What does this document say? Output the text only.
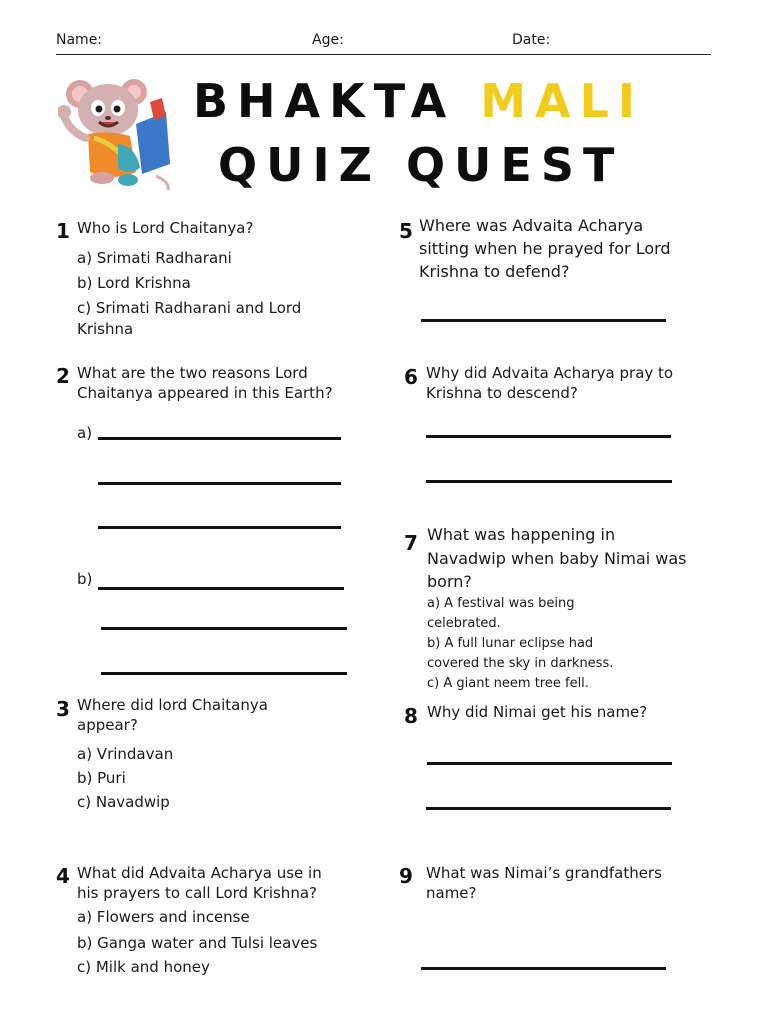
Name:	Age:	Date:
BHAKTA MALI
QUIZ QUEST
1 Who is Lord Chaitanya?
a) Srimati Radharani
b) Lord Krishna
c) Srimati Radharani and Lord
Krishna
2 What are the two reasons Lord
Chaitanya appeared in this Earth?
a)
b)
3 Where did lord Chaitanya
appear?
a) Vrindavan
b) Puri
c) Navadwip
4 What did Advaita Acharya use in
his prayers to call Lord Krishna?
a) Flowers and incense
b) Ganga water and Tulsi leaves
c) Milk and honey
5 Where was Advaita Acharya
sitting when he prayed for Lord
Krishna to defend?
6 Why did Advaita Acharya pray to
Krishna to descend?
7 What was happening in
Navadwip when baby Nimai was
born?
a) A festival was being
celebrated.
b) A full lunar eclipse had
covered the sky in darkness.
c) A giant neem tree fell.
8 Why did Nimai get his name?
9 What was Nimai’s grandfathers
name?
